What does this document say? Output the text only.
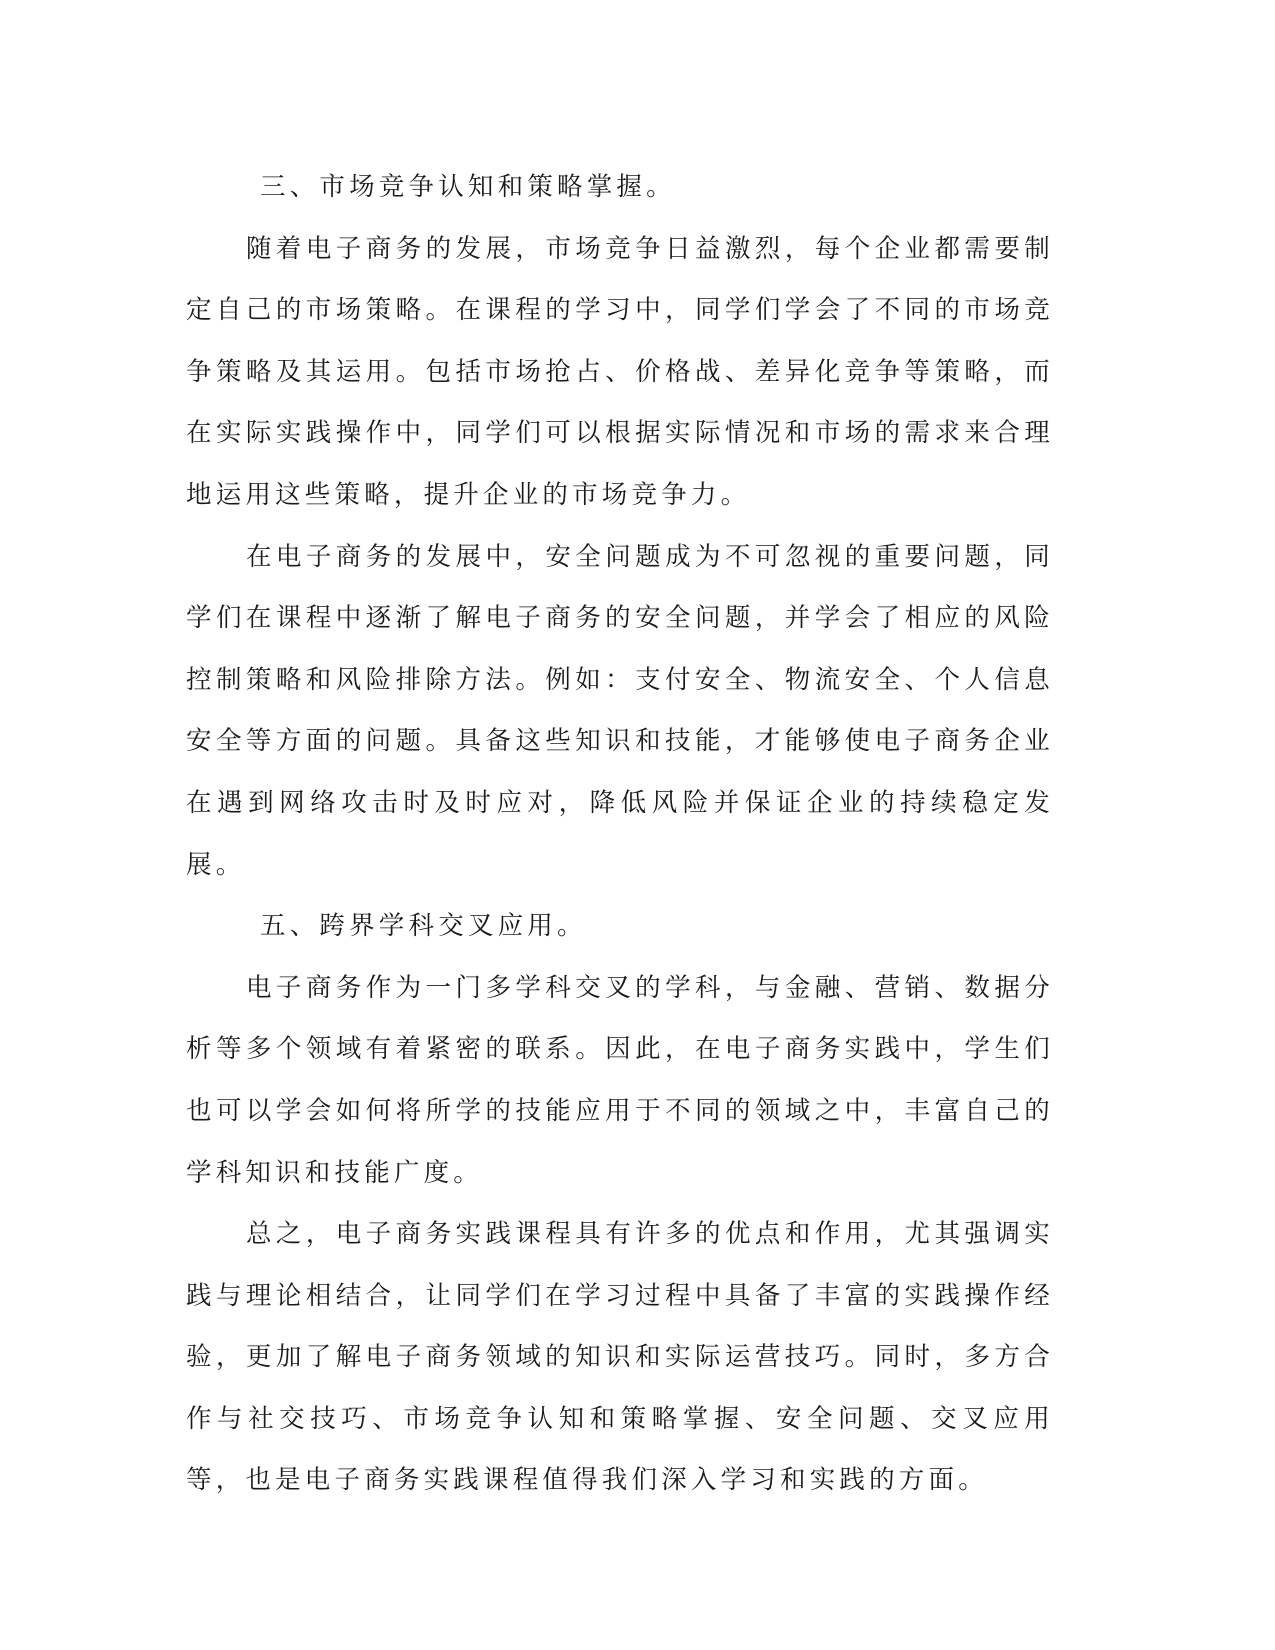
三、市场竞争认知和策略掌握。

随着电子商务的发展，市场竞争日益激烈，每个企业都需要制定自己的市场策略。在课程的学习中，同学们学会了不同的市场竞争策略及其运用。包括市场抢占、价格战、差异化竞争等策略，而在实际实践操作中，同学们可以根据实际情况和市场的需求来合理地运用这些策略，提升企业的市场竞争力。

在电子商务的发展中，安全问题成为不可忽视的重要问题，同学们在课程中逐渐了解电子商务的安全问题，并学会了相应的风险控制策略和风险排除方法。例如：支付安全、物流安全、个人信息安全等方面的问题。具备这些知识和技能，才能够使电子商务企业在遇到网络攻击时及时应对，降低风险并保证企业的持续稳定发展。

五、跨界学科交叉应用。

电子商务作为一门多学科交叉的学科，与金融、营销、数据分析等多个领域有着紧密的联系。因此，在电子商务实践中，学生们也可以学会如何将所学的技能应用于不同的领域之中，丰富自己的学科知识和技能广度。

总之，电子商务实践课程具有许多的优点和作用，尤其强调实践与理论相结合，让同学们在学习过程中具备了丰富的实践操作经验，更加了解电子商务领域的知识和实际运营技巧。同时，多方合作与社交技巧、市场竞争认知和策略掌握、安全问题、交叉应用等，也是电子商务实践课程值得我们深入学习和实践的方面。
